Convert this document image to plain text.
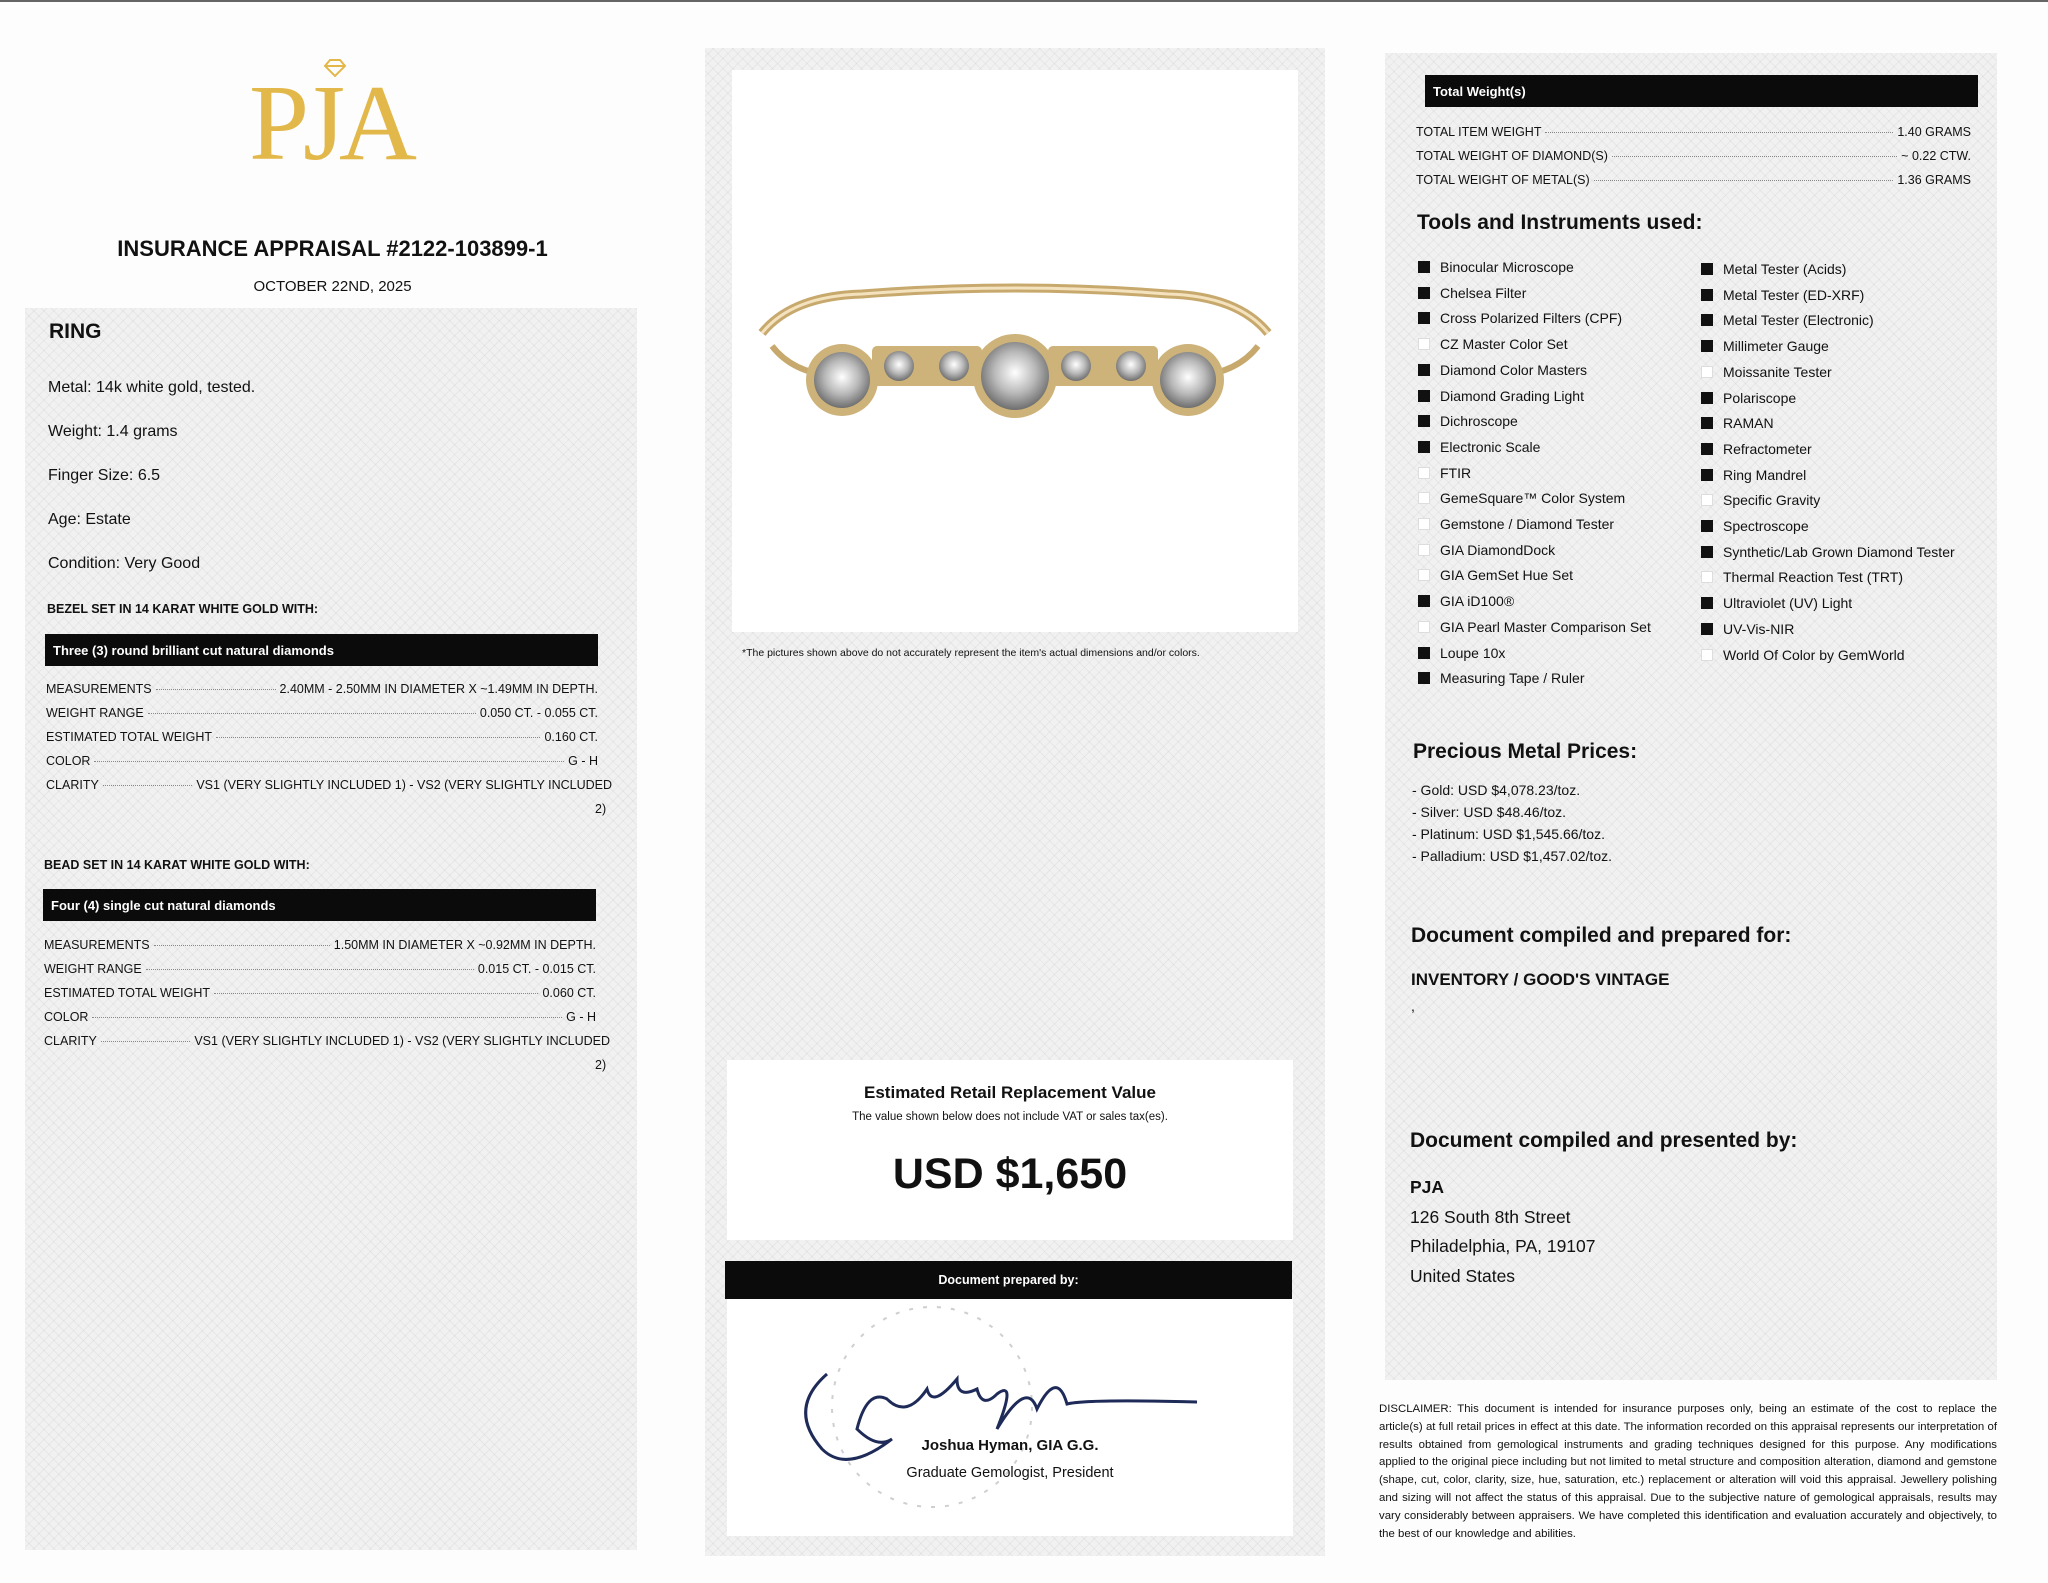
PJA
INSURANCE APPRAISAL #2122-103899-1
OCTOBER 22ND, 2025
RING
Metal: 14k white gold, tested.
Weight: 1.4 grams
Finger Size: 6.5
Age: Estate
Condition: Very Good
BEZEL SET IN 14 KARAT WHITE GOLD WITH:
Three (3) round brilliant cut natural diamonds
MEASUREMENTS	2.40MM - 2.50MM IN DIAMETER X ~1.49MM IN DEPTH.
WEIGHT RANGE	0.050 CT. - 0.055 CT.
ESTIMATED TOTAL WEIGHT	0.160 CT.
COLOR	G - H
CLARITY	VS1 (VERY SLIGHTLY INCLUDED 1) - VS2 (VERY SLIGHTLY INCLUDED
2)
BEAD SET IN 14 KARAT WHITE GOLD WITH:
Four (4) single cut natural diamonds
MEASUREMENTS	1.50MM IN DIAMETER X ~0.92MM IN DEPTH.
WEIGHT RANGE	0.015 CT. - 0.015 CT.
ESTIMATED TOTAL WEIGHT	0.060 CT.
COLOR	G - H
CLARITY	VS1 (VERY SLIGHTLY INCLUDED 1) - VS2 (VERY SLIGHTLY INCLUDED
2)
*The pictures shown above do not accurately represent the item's actual dimensions and/or colors.
Estimated Retail Replacement Value
The value shown below does not include VAT or sales tax(es).
USD $1,650
Document prepared by:
Joshua Hyman, GIA G.G.
Graduate Gemologist, President
Total Weight(s)
TOTAL ITEM WEIGHT	1.40 GRAMS
TOTAL WEIGHT OF DIAMOND(S)	~ 0.22 CTW.
TOTAL WEIGHT OF METAL(S)	1.36 GRAMS
Tools and Instruments used:
Binocular Microscope
Chelsea Filter
Cross Polarized Filters (CPF)
CZ Master Color Set
Diamond Color Masters
Diamond Grading Light
Dichroscope
Electronic Scale
FTIR
GemeSquare™ Color System
Gemstone / Diamond Tester
GIA DiamondDock
GIA GemSet Hue Set
GIA iD100®
GIA Pearl Master Comparison Set
Loupe 10x
Measuring Tape / Ruler
Metal Tester (Acids)
Metal Tester (ED-XRF)
Metal Tester (Electronic)
Millimeter Gauge
Moissanite Tester
Polariscope
RAMAN
Refractometer
Ring Mandrel
Specific Gravity
Spectroscope
Synthetic/Lab Grown Diamond Tester
Thermal Reaction Test (TRT)
Ultraviolet (UV) Light
UV-Vis-NIR
World Of Color by GemWorld
Precious Metal Prices:
- Gold: USD $4,078.23/toz.
- Silver: USD $48.46/toz.
- Platinum: USD $1,545.66/toz.
- Palladium: USD $1,457.02/toz.
Document compiled and prepared for:
INVENTORY / GOOD'S VINTAGE
,
Document compiled and presented by:
PJA
126 South 8th Street
Philadelphia, PA, 19107
United States
DISCLAIMER: This document is intended for insurance purposes only, being an estimate of the cost to replace the article(s) at full retail prices in effect at this date. The information recorded on this appraisal represents our interpretation of results obtained from gemological instruments and grading techniques designed for this purpose. Any modifications applied to the original piece including but not limited to metal structure and composition alteration, diamond and gemstone (shape, cut, color, clarity, size, hue, saturation, etc.) replacement or alteration will void this appraisal. Jewellery polishing and sizing will not affect the status of this appraisal. Due to the subjective nature of gemological appraisals, results may vary considerably between appraisers. We have completed this identification and evaluation accurately and objectively, to the best of our knowledge and abilities.
